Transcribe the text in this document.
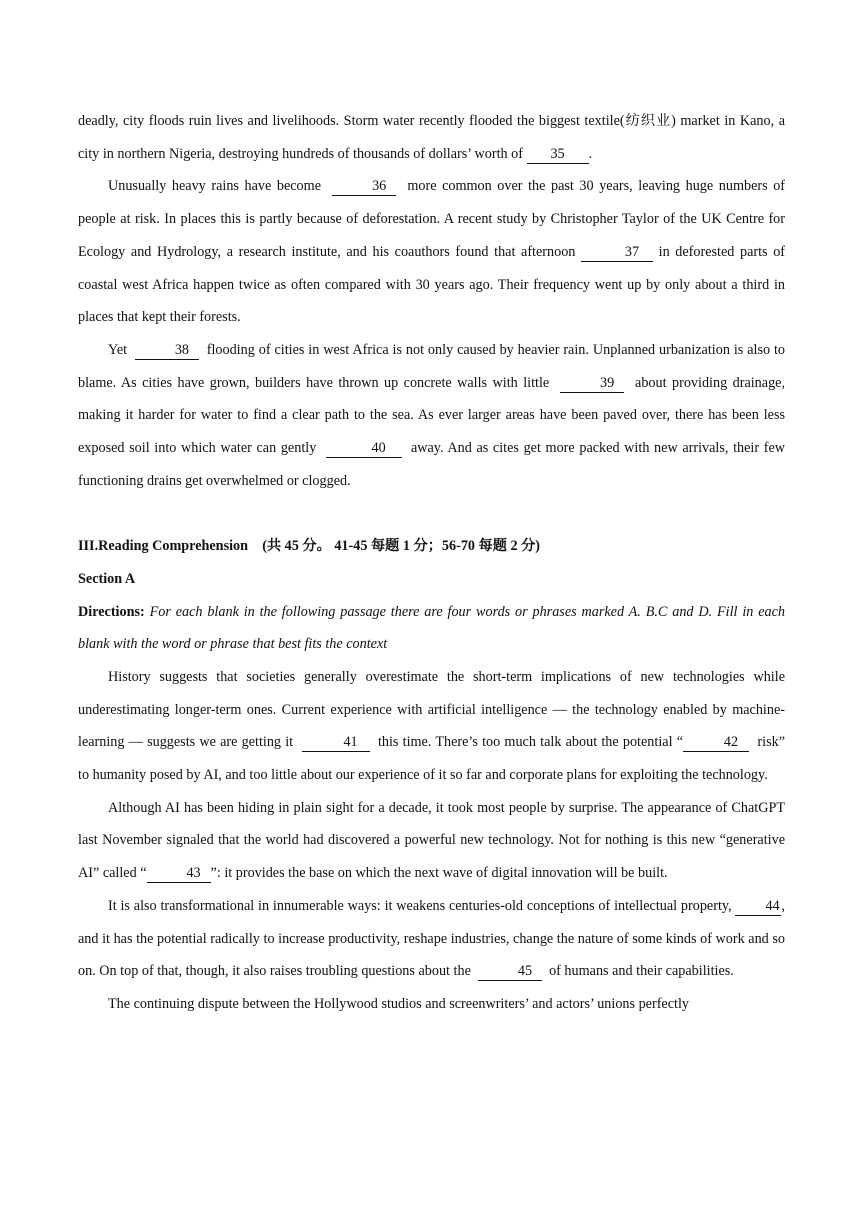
deadly, city floods ruin lives and livelihoods. Storm water recently flooded the biggest textile(纺织业) market in Kano, a city in northern Nigeria, destroying hundreds of thousands of dollars’ worth of 35 .

Unusually heavy rains have become	36 more common over the past 30 years, leaving huge numbers of people at risk. In places this is partly because of deforestation. A recent study by Christopher Taylor of the UK Centre for Ecology and Hydrology, a research institute, and his coauthors found that afternoon	37 in deforested parts of coastal west Africa happen twice as often compared with 30 years ago. Their frequency went up by only about a third in places that kept their forests.

Yet	38 flooding of cities in west Africa is not only caused by heavier rain. Unplanned urbanization is also to blame. As cities have grown, builders have thrown up concrete walls with little	39 about providing drainage, making it harder for water to find a clear path to the sea. As ever larger areas have been paved over, there has been less exposed soil into which water can gently	40 away. And as cites get more packed with new arrivals, their few functioning drains get overwhelmed or clogged.

III.Reading Comprehension　(共 45 分。 41-45 每题 1 分；56-70 每题 2 分)

Section A

Directions: For each blank in the following passage there are four words or phrases marked A. B.C and D. Fill in each blank with the word or phrase that best fits the context

History suggests that societies generally overestimate the short-term implications of new technologies while underestimating longer-term ones. Current experience with artificial intelligence — the technology enabled by machine-learning — suggests we are getting it	41 this time. There’s too much talk about the potential “	42 risk” to humanity posed by AI, and too little about our experience of it so far and corporate plans for exploiting the technology.

Although AI has been hiding in plain sight for a decade, it took most people by surprise. The appearance of ChatGPT last November signaled that the world had discovered a powerful new technology. Not for nothing is this new “generative AI” called “	43 ”: it provides the base on which the next wave of digital innovation will be built.

It is also transformational in innumerable ways: it weakens centuries-old conceptions of intellectual property, 44 , and it has the potential radically to increase productivity, reshape industries, change the nature of some kinds of work and so on. On top of that, though, it also raises troubling questions about the	45 of humans and their capabilities.

The continuing dispute between the Hollywood studios and screenwriters’ and actors’ unions perfectly
